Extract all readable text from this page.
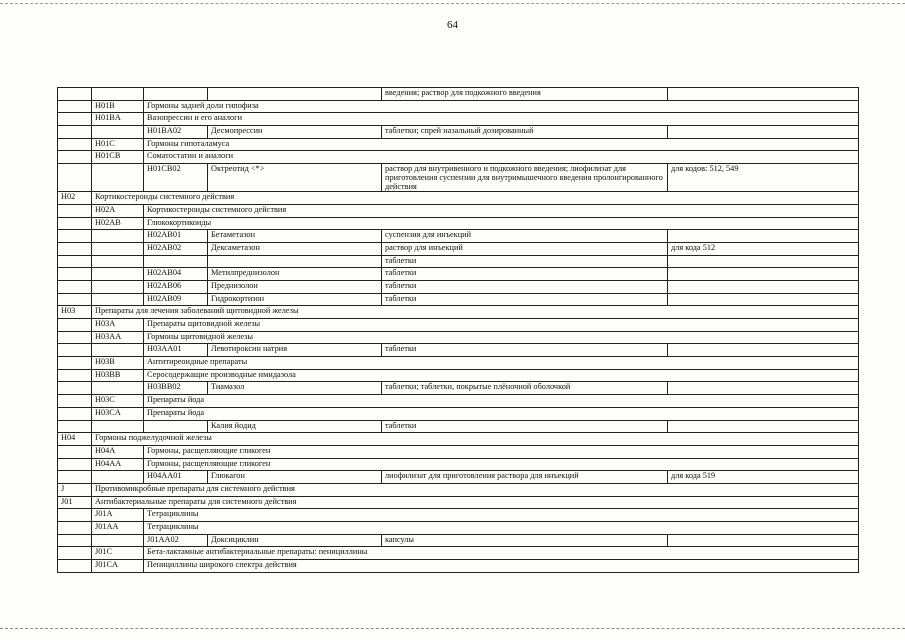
64
				введения; раствор для подкожного введения	
	H01B	Гормоны задней доли гипофиза			
	H01BA	Вазопрессин и его аналоги			
		H01BA02	Десмопрессин	таблетки; спрей назальный дозированный	
	H01C	Гормоны гипоталамуса			
	H01CB	Соматостатин и аналоги			
		H01CB02	Октреотид <*>	раствор для внутривенного и подкожного введения; лиофилизат для приготовления суспензии для внутримышечного введения пролонгированного действия	для кодов: 512, 549
H02	Кортикостероиды системного действия				
	H02A	Кортикостероиды системного действия			
	H02AB	Глюкокортикоиды			
		H02AB01	Бетаметазон	суспензия для инъекций	
		H02AB02	Дексаметазон	раствор для инъекций	для кода 512
				таблетки	
		H02AB04	Метилпреднизолон	таблетки	
		H02AB06	Преднизолон	таблетки	
		H02AB09	Гидрокортизон	таблетки	
H03	Препараты для лечения заболеваний щитовидной железы				
	H03A	Препараты щитовидной железы			
	H03AA	Гормоны щитовидной железы			
		H03AA01	Левотироксин натрия	таблетки	
	H03B	Антитиреоидные препараты			
	H03BB	Серосодержащие производные имидазола			
		H03BB02	Тиамазол	таблетки; таблетки, покрытые плёночной оболочкой	
	H03C	Препараты йода			
	H03CA	Препараты йода			
			Калия йодид	таблетки	
H04	Гормоны поджелудочной железы				
	H04A	Гормоны, расщепляющие гликоген			
	H04AA	Гормоны, расщепляющие гликоген			
		H04AA01	Глюкагон	лиофилизат для приготовления раствора для инъекций	для кода 519
J	Противомикробные препараты для системного действия				
J01	Антибактериальные препараты для системного действия				
	J01A	Тетрациклины			
	J01AA	Тетрациклины			
		J01AA02	Доксициклин	капсулы	
	J01C	Бета-лактамные антибактериальные препараты: пенициллины			
	J01CA	Пенициллины широкого спектра действия			
